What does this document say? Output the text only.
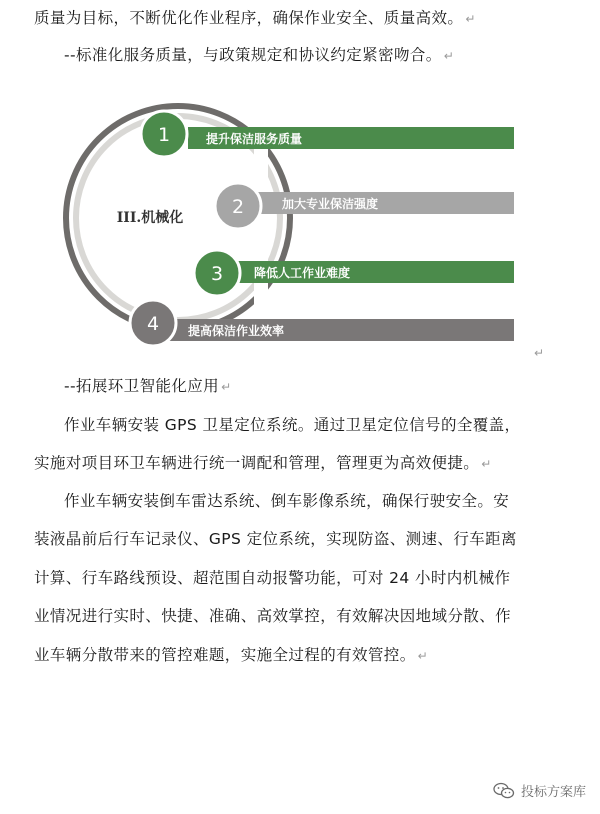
质量为目标，不断优化作业程序，确保作业安全、质量高效。 ↵
--标准化服务质量，与政策规定和协议约定紧密吻合。 ↵
提升保洁服务质量
加大专业保洁强度
降低人工作业难度
提高保洁作业效率
1
2
3
4
III.机械化
↵
--拓展环卫智能化应用 ↵
作业车辆安装 GPS 卫星定位系统。通过卫星定位信号的全覆盖，
实施对项目环卫车辆进行统一调配和管理，管理更为高效便捷。 ↵
作业车辆安装倒车雷达系统、倒车影像系统，确保行驶安全。安
装液晶前后行车记录仪、GPS 定位系统，实现防盗、测速、行车距离
计算、行车路线预设、超范围自动报警功能，可对 24 小时内机械作
业情况进行实时、快捷、准确、高效掌控，有效解决因地域分散、作
业车辆分散带来的管控难题，实施全过程的有效管控。 ↵
投标方案库
